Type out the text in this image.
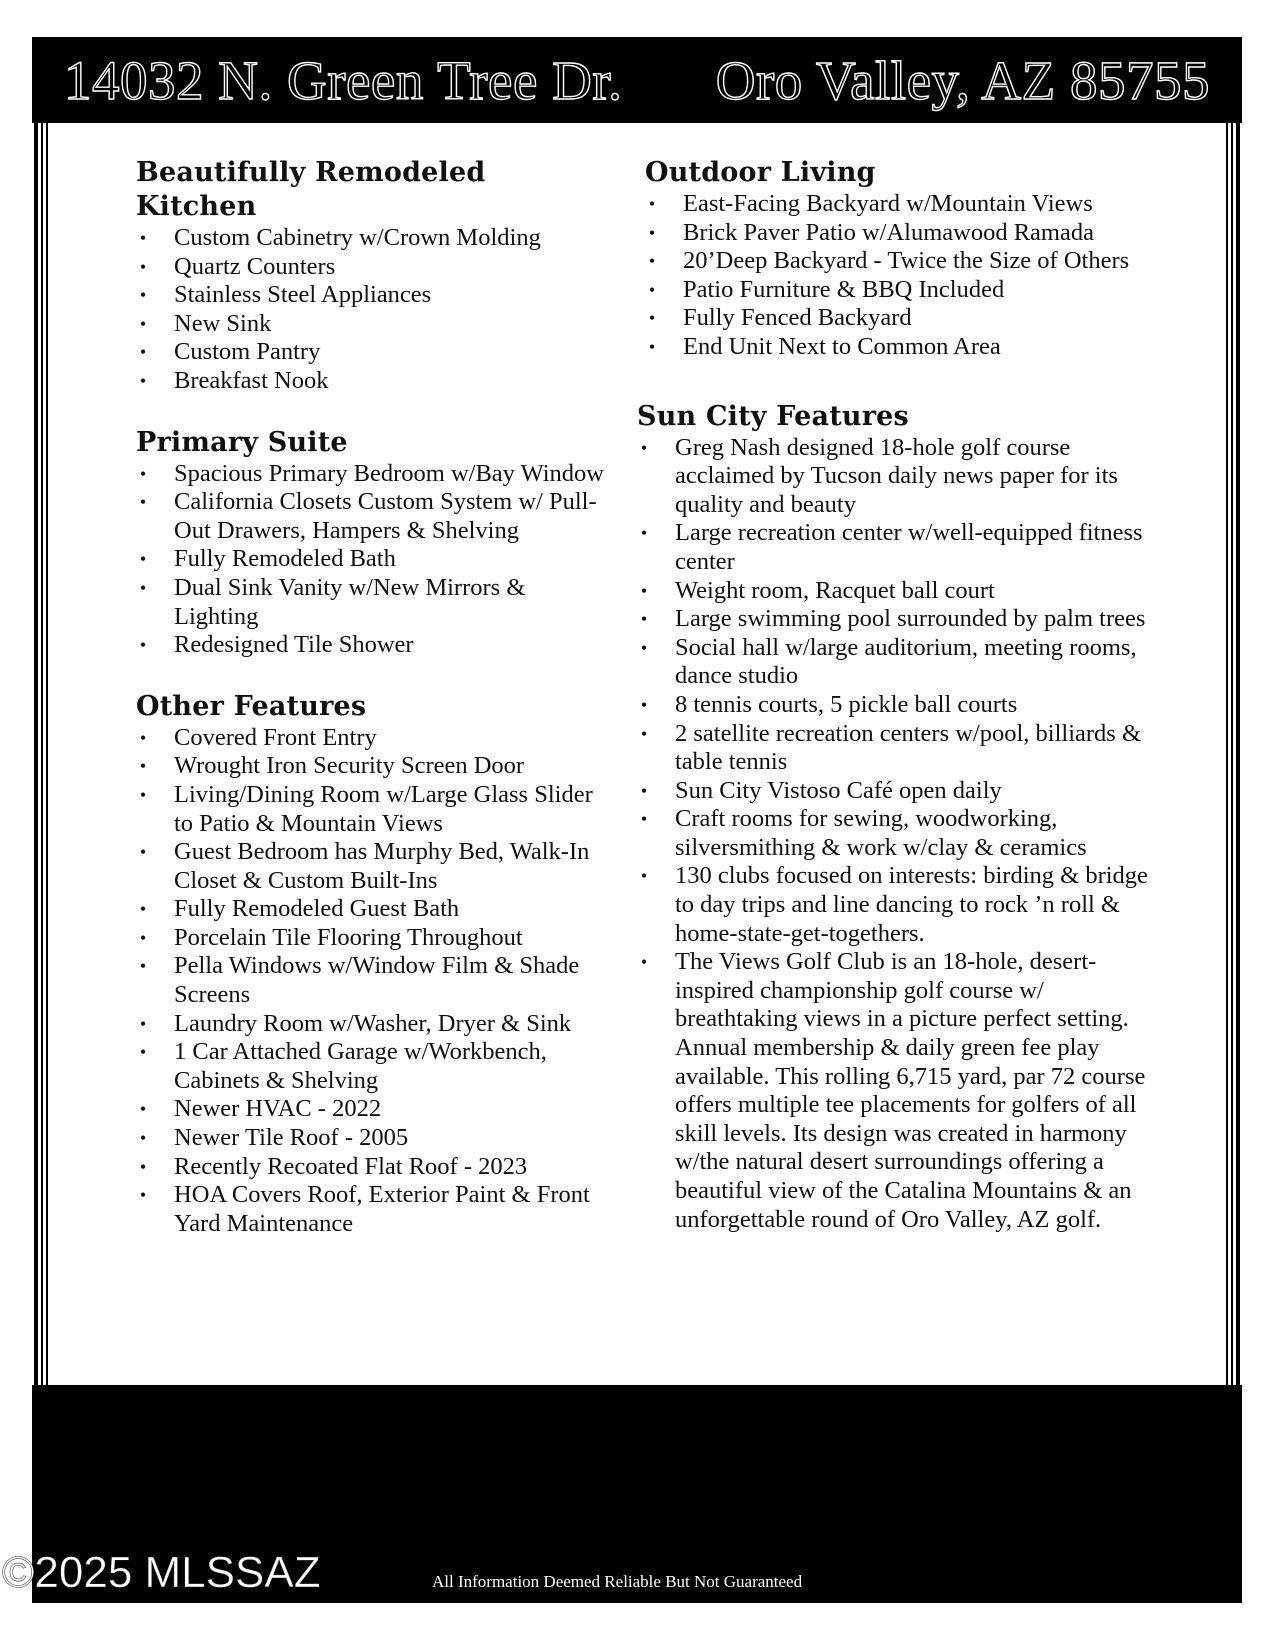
14032 N. Green Tree Dr. Oro Valley, AZ 85755
Beautifully Remodeled Kitchen
• Custom Cabinetry w/Crown Molding
• Quartz Counters
• Stainless Steel Appliances
• New Sink
• Custom Pantry
• Breakfast Nook
Primary Suite
• Spacious Primary Bedroom w/Bay Window
• California Closets Custom System w/ Pull-Out Drawers, Hampers & Shelving
• Fully Remodeled Bath
• Dual Sink Vanity w/New Mirrors & Lighting
• Redesigned Tile Shower
Other Features
• Covered Front Entry
• Wrought Iron Security Screen Door
• Living/Dining Room w/Large Glass Slider to Patio & Mountain Views
• Guest Bedroom has Murphy Bed, Walk-In Closet & Custom Built-Ins
• Fully Remodeled Guest Bath
• Porcelain Tile Flooring Throughout
• Pella Windows w/Window Film & Shade Screens
• Laundry Room w/Washer, Dryer & Sink
• 1 Car Attached Garage w/Workbench, Cabinets & Shelving
• Newer HVAC - 2022
• Newer Tile Roof - 2005
• Recently Recoated Flat Roof - 2023
• HOA Covers Roof, Exterior Paint & Front Yard Maintenance
Outdoor Living
• East-Facing Backyard w/Mountain Views
• Brick Paver Patio w/Alumawood Ramada
• 20’Deep Backyard - Twice the Size of Others
• Patio Furniture & BBQ Included
• Fully Fenced Backyard
• End Unit Next to Common Area
Sun City Features
• Greg Nash designed 18-hole golf course acclaimed by Tucson daily news paper for its quality and beauty
• Large recreation center w/well-equipped fitness center
• Weight room, Racquet ball court
• Large swimming pool surrounded by palm trees
• Social hall w/large auditorium, meeting rooms, dance studio
• 8 tennis courts, 5 pickle ball courts
• 2 satellite recreation centers w/pool, billiards & table tennis
• Sun City Vistoso Café open daily
• Craft rooms for sewing, woodworking, silversmithing & work w/clay & ceramics
• 130 clubs focused on interests: birding & bridge to day trips and line dancing to rock ’n roll & home-state-get-togethers.
• The Views Golf Club is an 18-hole, desert-inspired championship golf course w/ breathtaking views in a picture perfect setting. Annual membership & daily green fee play available. This rolling 6,715 yard, par 72 course offers multiple tee placements for golfers of all skill levels. Its design was created in harmony w/the natural desert surroundings offering a beautiful view of the Catalina Mountains & an unforgettable round of Oro Valley, AZ golf.
©2025 MLSSAZ	All Information Deemed Reliable But Not Guaranteed
